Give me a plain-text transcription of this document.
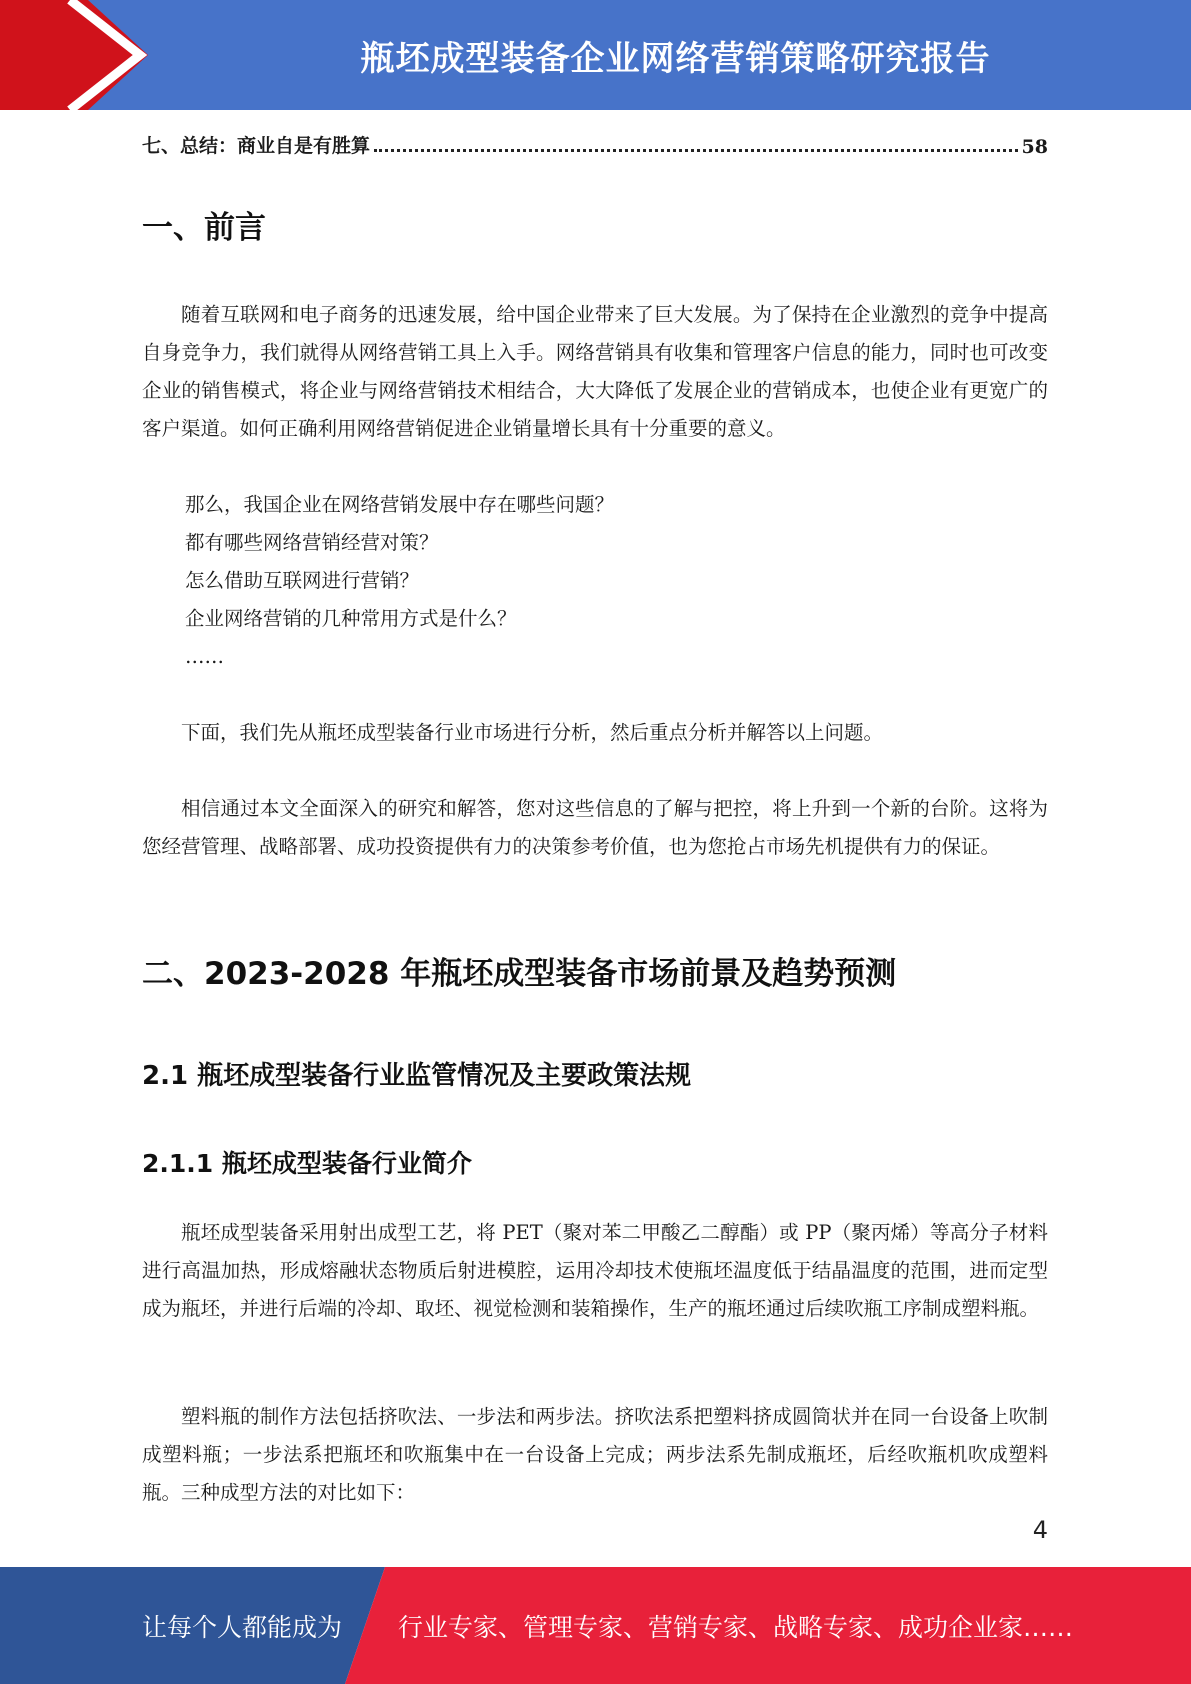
瓶坯成型装备企业网络营销策略研究报告
七、总结：商业自是有胜算	58
一、前言

随着互联网和电子商务的迅速发展，给中国企业带来了巨大发展。为了保持在企业激烈的竞争中提高自身竞争力，我们就得从网络营销工具上入手。网络营销具有收集和管理客户信息的能力，同时也可改变企业的销售模式，将企业与网络营销技术相结合，大大降低了发展企业的营销成本，也使企业有更宽广的客户渠道。如何正确利用网络营销促进企业销量增长具有十分重要的意义。

那么，我国企业在网络营销发展中存在哪些问题？
都有哪些网络营销经营对策？
怎么借助互联网进行营销？
企业网络营销的几种常用方式是什么？
……

下面，我们先从瓶坯成型装备行业市场进行分析，然后重点分析并解答以上问题。

相信通过本文全面深入的研究和解答，您对这些信息的了解与把控，将上升到一个新的台阶。这将为您经营管理、战略部署、成功投资提供有力的决策参考价值，也为您抢占市场先机提供有力的保证。

二、2023-2028 年瓶坯成型装备市场前景及趋势预测
2.1 瓶坯成型装备行业监管情况及主要政策法规
2.1.1 瓶坯成型装备行业简介

瓶坯成型装备采用射出成型工艺，将 PET（聚对苯二甲酸乙二醇酯）或 PP（聚丙烯）等高分子材料进行高温加热，形成熔融状态物质后射进模腔，运用冷却技术使瓶坯温度低于结晶温度的范围，进而定型成为瓶坯，并进行后端的冷却、取坯、视觉检测和装箱操作，生产的瓶坯通过后续吹瓶工序制成塑料瓶。

塑料瓶的制作方法包括挤吹法、一步法和两步法。挤吹法系把塑料挤成圆筒状并在同一台设备上吹制成塑料瓶；一步法系把瓶坯和吹瓶集中在一台设备上完成；两步法系先制成瓶坯，后经吹瓶机吹成塑料瓶。三种成型方法的对比如下：

4
让每个人都能成为 行业专家、管理专家、营销专家、战略专家、成功企业家……
